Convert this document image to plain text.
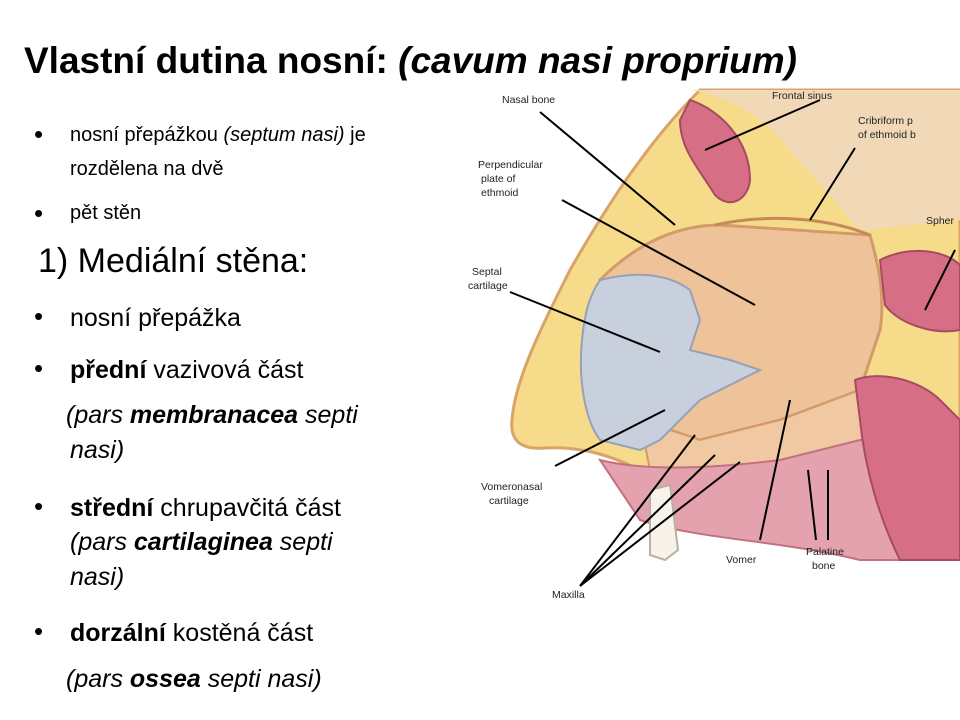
Vlastní dutina nosní: (cavum nasi proprium)
Nasal bone	Frontal sinus
Cribriform p
of ethmoid b
Perpendicular
plate of
ethmoid
Spher
Septal
cartilage
Vomeronasal
cartilage
Vomer
Palatine
bone
Maxilla
• nosní přepážkou (septum nasi) je
rozdělena na dvě
• pět stěn
1) Mediální stěna:
• nosní přepážka
• přední vazivová část
(pars membranacea septi
nasi)
• střední chrupavčitá část
(pars cartilaginea septi
nasi)
• dorzální kostěná část
(pars ossea septi nasi)
